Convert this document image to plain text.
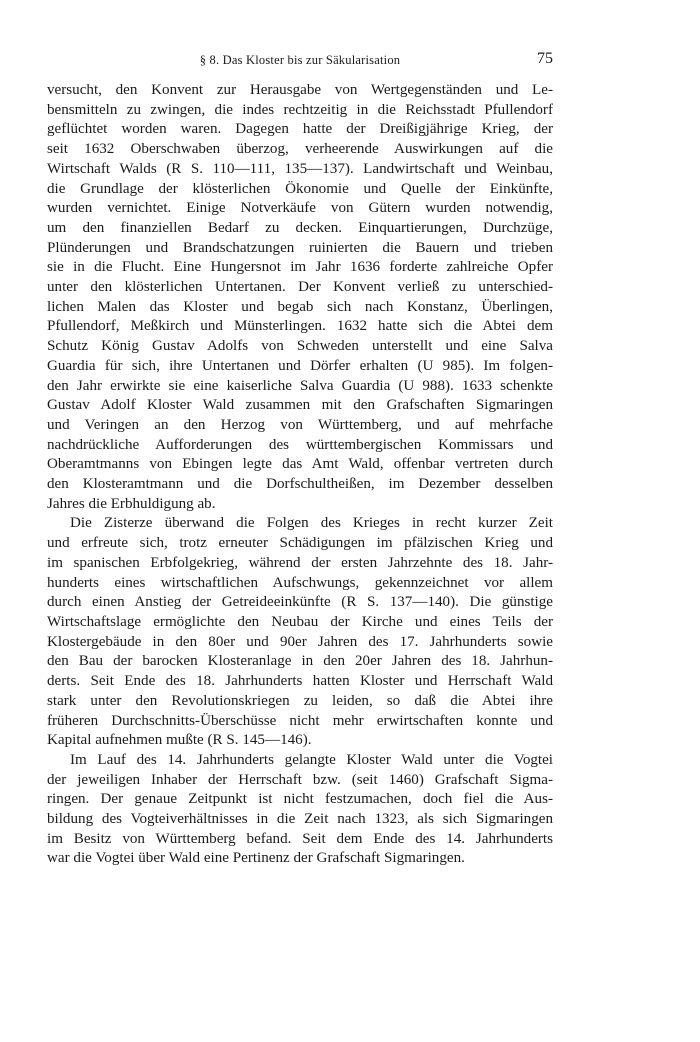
§ 8. Das Kloster bis zur Säkularisation	75

versucht, den Konvent zur Herausgabe von Wertgegenständen und Le-
bensmitteln zu zwingen, die indes rechtzeitig in die Reichsstadt Pfullendorf
geflüchtet worden waren. Dagegen hatte der Dreißigjährige Krieg, der
seit 1632 Oberschwaben überzog, verheerende Auswirkungen auf die
Wirtschaft Walds (R S. 110—111, 135—137). Landwirtschaft und Weinbau,
die Grundlage der klösterlichen Ökonomie und Quelle der Einkünfte,
wurden vernichtet. Einige Notverkäufe von Gütern wurden notwendig,
um den finanziellen Bedarf zu decken. Einquartierungen, Durchzüge,
Plünderungen und Brandschatzungen ruinierten die Bauern und trieben
sie in die Flucht. Eine Hungersnot im Jahr 1636 forderte zahlreiche Opfer
unter den klösterlichen Untertanen. Der Konvent verließ zu unterschied-
lichen Malen das Kloster und begab sich nach Konstanz, Überlingen,
Pfullendorf, Meßkirch und Münsterlingen. 1632 hatte sich die Abtei dem
Schutz König Gustav Adolfs von Schweden unterstellt und eine Salva
Guardia für sich, ihre Untertanen und Dörfer erhalten (U 985). Im folgen-
den Jahr erwirkte sie eine kaiserliche Salva Guardia (U 988). 1633 schenkte
Gustav Adolf Kloster Wald zusammen mit den Grafschaften Sigmaringen
und Veringen an den Herzog von Württemberg, und auf mehrfache
nachdrückliche Aufforderungen des württembergischen Kommissars und
Oberamtmanns von Ebingen legte das Amt Wald, offenbar vertreten durch
den Klosteramtmann und die Dorfschultheißen, im Dezember desselben
Jahres die Erbhuldigung ab.

Die Zisterze überwand die Folgen des Krieges in recht kurzer Zeit
und erfreute sich, trotz erneuter Schädigungen im pfälzischen Krieg und
im spanischen Erbfolgekrieg, während der ersten Jahrzehnte des 18. Jahr-
hunderts eines wirtschaftlichen Aufschwungs, gekennzeichnet vor allem
durch einen Anstieg der Getreideeinkünfte (R S. 137—140). Die günstige
Wirtschaftslage ermöglichte den Neubau der Kirche und eines Teils der
Klostergebäude in den 80er und 90er Jahren des 17. Jahrhunderts sowie
den Bau der barocken Klosteranlage in den 20er Jahren des 18. Jahrhun-
derts. Seit Ende des 18. Jahrhunderts hatten Kloster und Herrschaft Wald
stark unter den Revolutionskriegen zu leiden, so daß die Abtei ihre
früheren Durchschnitts-Überschüsse nicht mehr erwirtschaften konnte und
Kapital aufnehmen mußte (R S. 145—146).

Im Lauf des 14. Jahrhunderts gelangte Kloster Wald unter die Vogtei
der jeweiligen Inhaber der Herrschaft bzw. (seit 1460) Grafschaft Sigma-
ringen. Der genaue Zeitpunkt ist nicht festzumachen, doch fiel die Aus-
bildung des Vogteiverhältnisses in die Zeit nach 1323, als sich Sigmaringen
im Besitz von Württemberg befand. Seit dem Ende des 14. Jahrhunderts
war die Vogtei über Wald eine Pertinenz der Grafschaft Sigmaringen.
